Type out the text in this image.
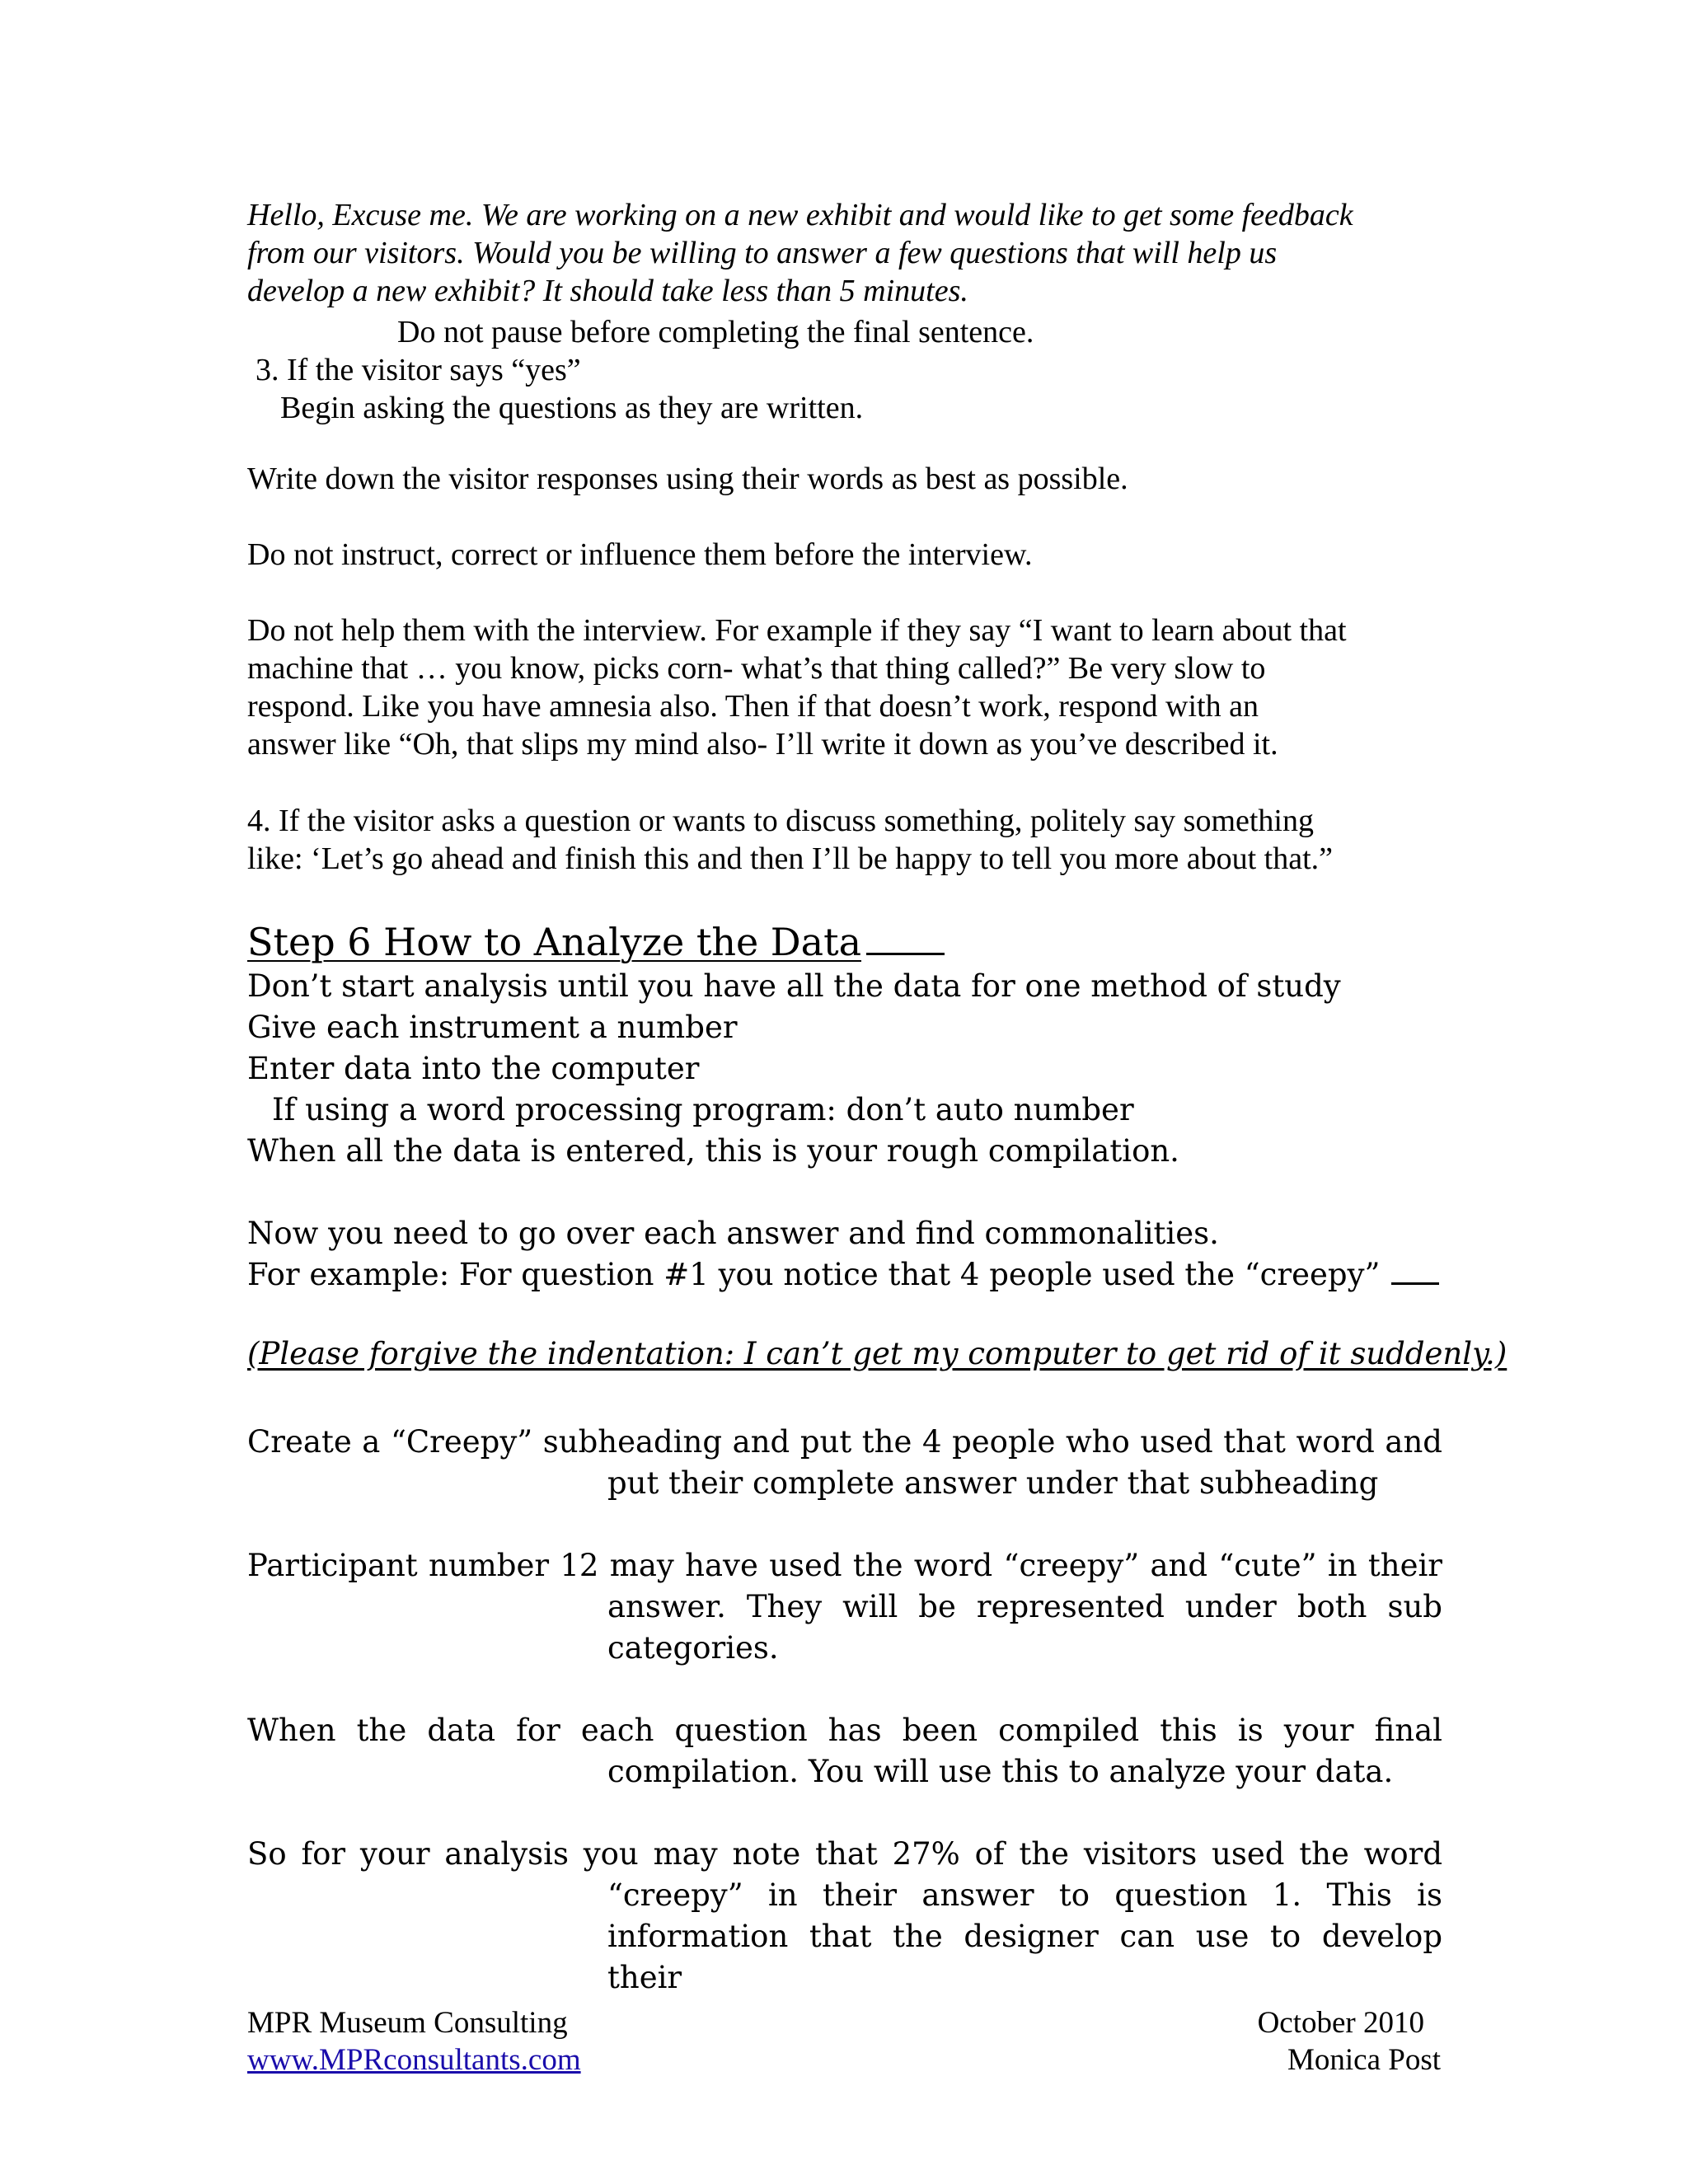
Hello, Excuse me. We are working on a new exhibit and would like to get some feedback
from our visitors. Would you be willing to answer a few questions that will help us
develop a new exhibit? It should take less than 5 minutes.
Do not pause before completing the final sentence.
3. If the visitor says “yes”
Begin asking the questions as they are written.
Write down the visitor responses using their words as best as possible.
Do not instruct, correct or influence them before the interview.
Do not help them with the interview. For example if they say “I want to learn about that
machine that … you know, picks corn- what’s that thing called?” Be very slow to
respond. Like you have amnesia also. Then if that doesn’t work, respond with an
answer like “Oh, that slips my mind also- I’ll write it down as you’ve described it.
4. If the visitor asks a question or wants to discuss something, politely say something
like: ‘Let’s go ahead and finish this and then I’ll be happy to tell you more about that.”
Step 6 How to Analyze the Data
Don’t start analysis until you have all the data for one method of study
Give each instrument a number
Enter data into the computer
If using a word processing program: don’t auto number
When all the data is entered, this is your rough compilation.
Now you need to go over each answer and find commonalities.
For example: For question #1 you notice that 4 people used the “creepy”
(Please forgive the indentation: I can’t get my computer to get rid of it suddenly.)
Create a “Creepy” subheading and put the 4 people who used that word and
put their complete answer under that subheading
Participant number 12 may have used the word “creepy” and “cute” in their
answer. They will be represented under both sub
categories.
When the data for each question has been compiled this is your final
compilation. You will use this to analyze your data.
So for your analysis you may note that 27% of the visitors used the word
“creepy” in their answer to question 1. This is
information that the designer can use to develop their
MPR Museum Consulting
www.MPRconsultants.com
October 2010
Monica Post
